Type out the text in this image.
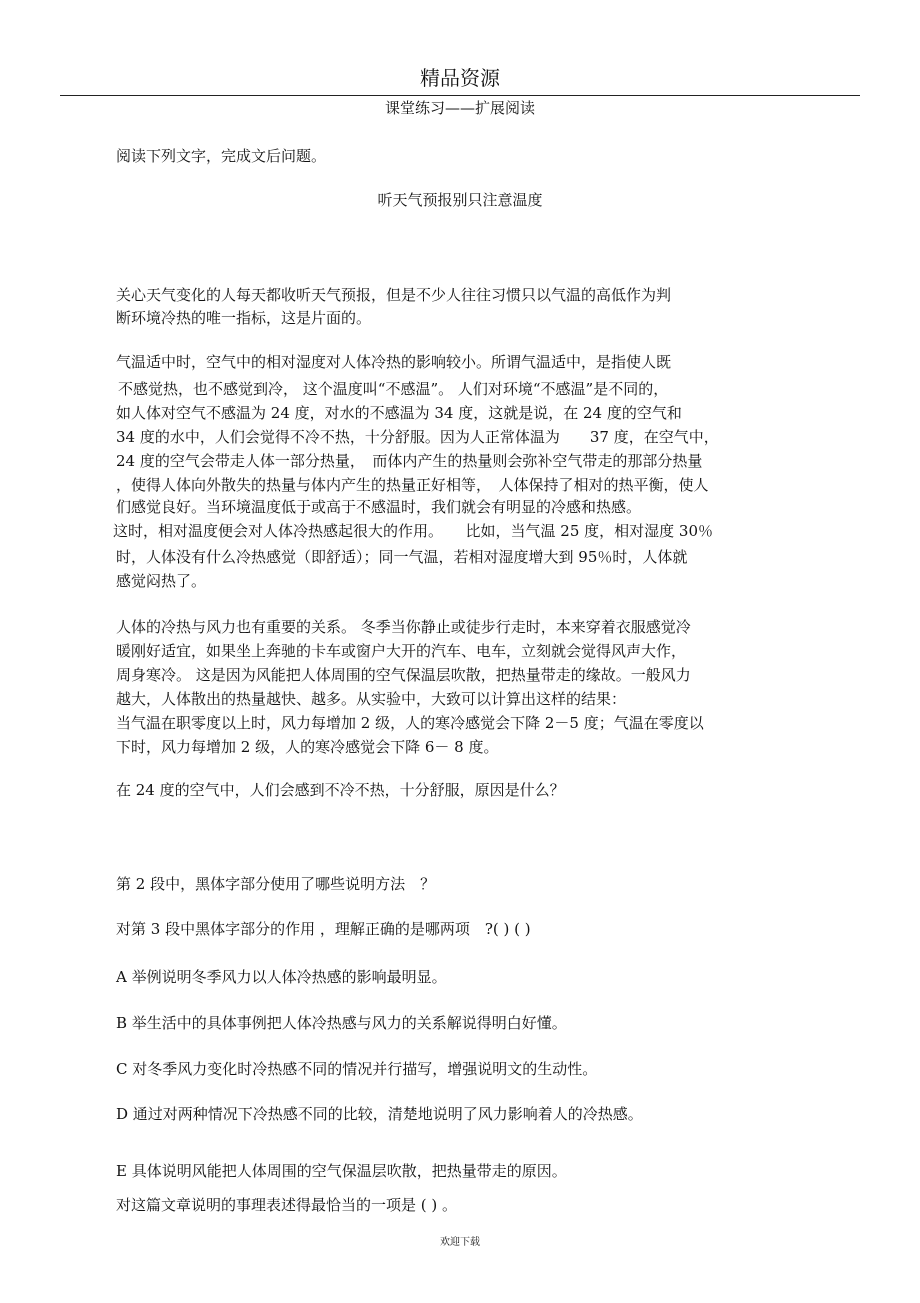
精品资源
课堂练习——扩展阅读
阅读下列文字，完成文后问题。
听天气预报别只注意温度
关心天气变化的人每天都收听天气预报，但是不少人往往习惯只以气温的高低作为判
断环境冷热的唯一指标，这是片面的。
气温适中时，空气中的相对湿度对人体冷热的影响较小。所谓气温适中，是指使人既
不感觉热，也不感觉到冷， 这个温度叫“不感温”。 人们对环境“不感温”是不同的，
如人体对空气不感温为 24 度，对水的不感温为 34 度，这就是说，在 24 度的空气和
34 度的水中，人们会觉得不冷不热，十分舒服。因为人正常体温为　　37 度，在空气中，
24 度的空气会带走人体一部分热量，　而体内产生的热量则会弥补空气带走的那部分热量
，使得人体向外散失的热量与体内产生的热量正好相等，　人体保持了相对的热平衡，使人
们感觉良好。当环境温度低于或高于不感温时，我们就会有明显的冷感和热感。
这时，相对温度便会对人体冷热感起很大的作用。　　比如，当气温 25 度，相对湿度 30％
时，人体没有什么冷热感觉（即舒适）；同一气温，若相对湿度增大到 95％时，人体就
感觉闷热了。
人体的冷热与风力也有重要的关系。 冬季当你静止或徒步行走时，本来穿着衣服感觉冷
暖刚好适宜，如果坐上奔驰的卡车或窗户大开的汽车、电车，立刻就会觉得风声大作，
周身寒冷。 这是因为风能把人体周围的空气保温层吹散，把热量带走的缘故。一般风力
越大，人体散出的热量越快、越多。从实验中，大致可以计算出这样的结果：
当气温在职零度以上时，风力每增加 2 级，人的寒冷感觉会下降 2－5 度；气温在零度以
下时，风力每增加 2 级，人的寒冷感觉会下降 6－ 8 度。
在 24 度的空气中，人们会感到不冷不热，十分舒服，原因是什么？
第 2 段中，黑体字部分使用了哪些说明方法　？
对第 3 段中黑体字部分的作用 ，理解正确的是哪两项　?( ) ( )
A 举例说明冬季风力以人体冷热感的影响最明显。
B 举生活中的具体事例把人体冷热感与风力的关系解说得明白好懂。
C 对冬季风力变化时冷热感不同的情况并行描写，增强说明文的生动性。
D 通过对两种情况下冷热感不同的比较，清楚地说明了风力影响着人的冷热感。
E 具体说明风能把人体周围的空气保温层吹散，把热量带走的原因。
对这篇文章说明的事理表述得最恰当的一项是 ( ) 。
欢迎下载
